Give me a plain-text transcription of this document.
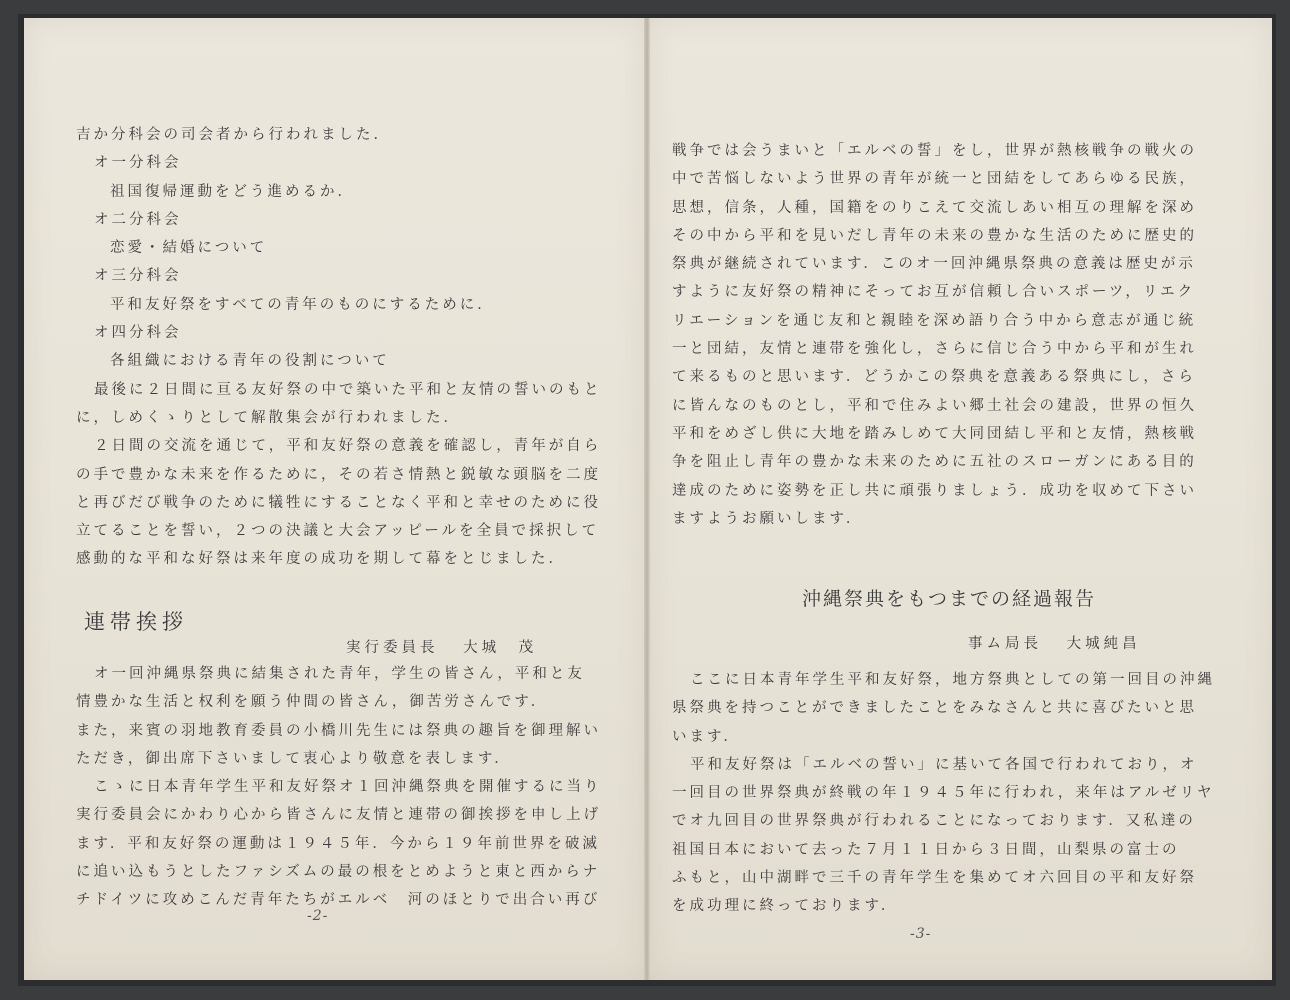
吉か分科会の司会者から行われました．
オ一分科会
祖国復帰運動をどう進めるか．
オ二分科会
恋愛・結婚について
オ三分科会
平和友好祭をすべての青年のものにするために．
オ四分科会
各組織における青年の役割について
最後に２日間に亘る友好祭の中で築いた平和と友情の誓いのもと
に，しめくゝりとして解散集会が行われました．
２日間の交流を通じて，平和友好祭の意義を確認し，青年が自ら
の手で豊かな未来を作るために，その若さ情熱と鋭敏な頭脳を二度
と再びだび戦争のために犠牲にすることなく平和と幸せのために役
立てることを誓い，２つの決議と大会アッピールを全員で採択して
感動的な平和な好祭は来年度の成功を期して幕をとじました．
連帯挨拶
実行委員長 大城　茂
オ一回沖縄県祭典に結集された青年，学生の皆さん，平和と友
情豊かな生活と权利を願う仲間の皆さん，御苦労さんです．
また，来賓の羽地教育委員の小橋川先生には祭典の趣旨を御理解い
ただき，御出席下さいまして衷心より敬意を表します．
こゝに日本青年学生平和友好祭オ１回沖縄祭典を開催するに当り
実行委員会にかわり心から皆さんに友情と連帯の御挨拶を申し上げ
ます．平和友好祭の運動は１９４５年．今から１９年前世界を破滅
に追い込もうとしたファシズムの最の根をとめようと東と西からナ
チドイツに攻めこんだ青年たちがエルベ　河のほとりで出合い再び
-2-
戦争では会うまいと「エルベの誓」をし，世界が熱核戦争の戦火の
中で苦悩しないよう世界の青年が統一と団結をしてあらゆる民族，
思想，信条，人種，国籍をのりこえて交流しあい相互の理解を深め
その中から平和を見いだし青年の未来の豊かな生活のために歴史的
祭典が継続されています．このオ一回沖縄県祭典の意義は歴史が示
すように友好祭の精神にそってお互が信頼し合いスポーツ，リエク
リエーションを通じ友和と親睦を深め語り合う中から意志が通じ統
一と団結，友情と連帯を強化し，さらに信じ合う中から平和が生れ
て来るものと思います．どうかこの祭典を意義ある祭典にし，さら
に皆んなのものとし，平和で住みよい郷土社会の建設，世界の恒久
平和をめざし供に大地を踏みしめて大同団結し平和と友情，熱核戦
争を阻止し青年の豊かな未来のために五社のスローガンにある目的
達成のために姿勢を正し共に頑張りましょう．成功を収めて下さい
ますようお願いします．
沖縄祭典をもつまでの経過報告
事ム局長 大城純昌
ここに日本青年学生平和友好祭，地方祭典としての第一回目の沖縄
県祭典を持つことができましたことをみなさんと共に喜びたいと思
います．
平和友好祭は「エルベの誓い」に基いて各国で行われており，オ
一回目の世界祭典が終戦の年１９４５年に行われ，来年はアルゼリヤ
でオ九回目の世界祭典が行われることになっております．又私達の
祖国日本において去った７月１１日から３日間，山梨県の富士の
ふもと，山中湖畔で三千の青年学生を集めてオ六回目の平和友好祭
を成功理に終っております．
-3-
